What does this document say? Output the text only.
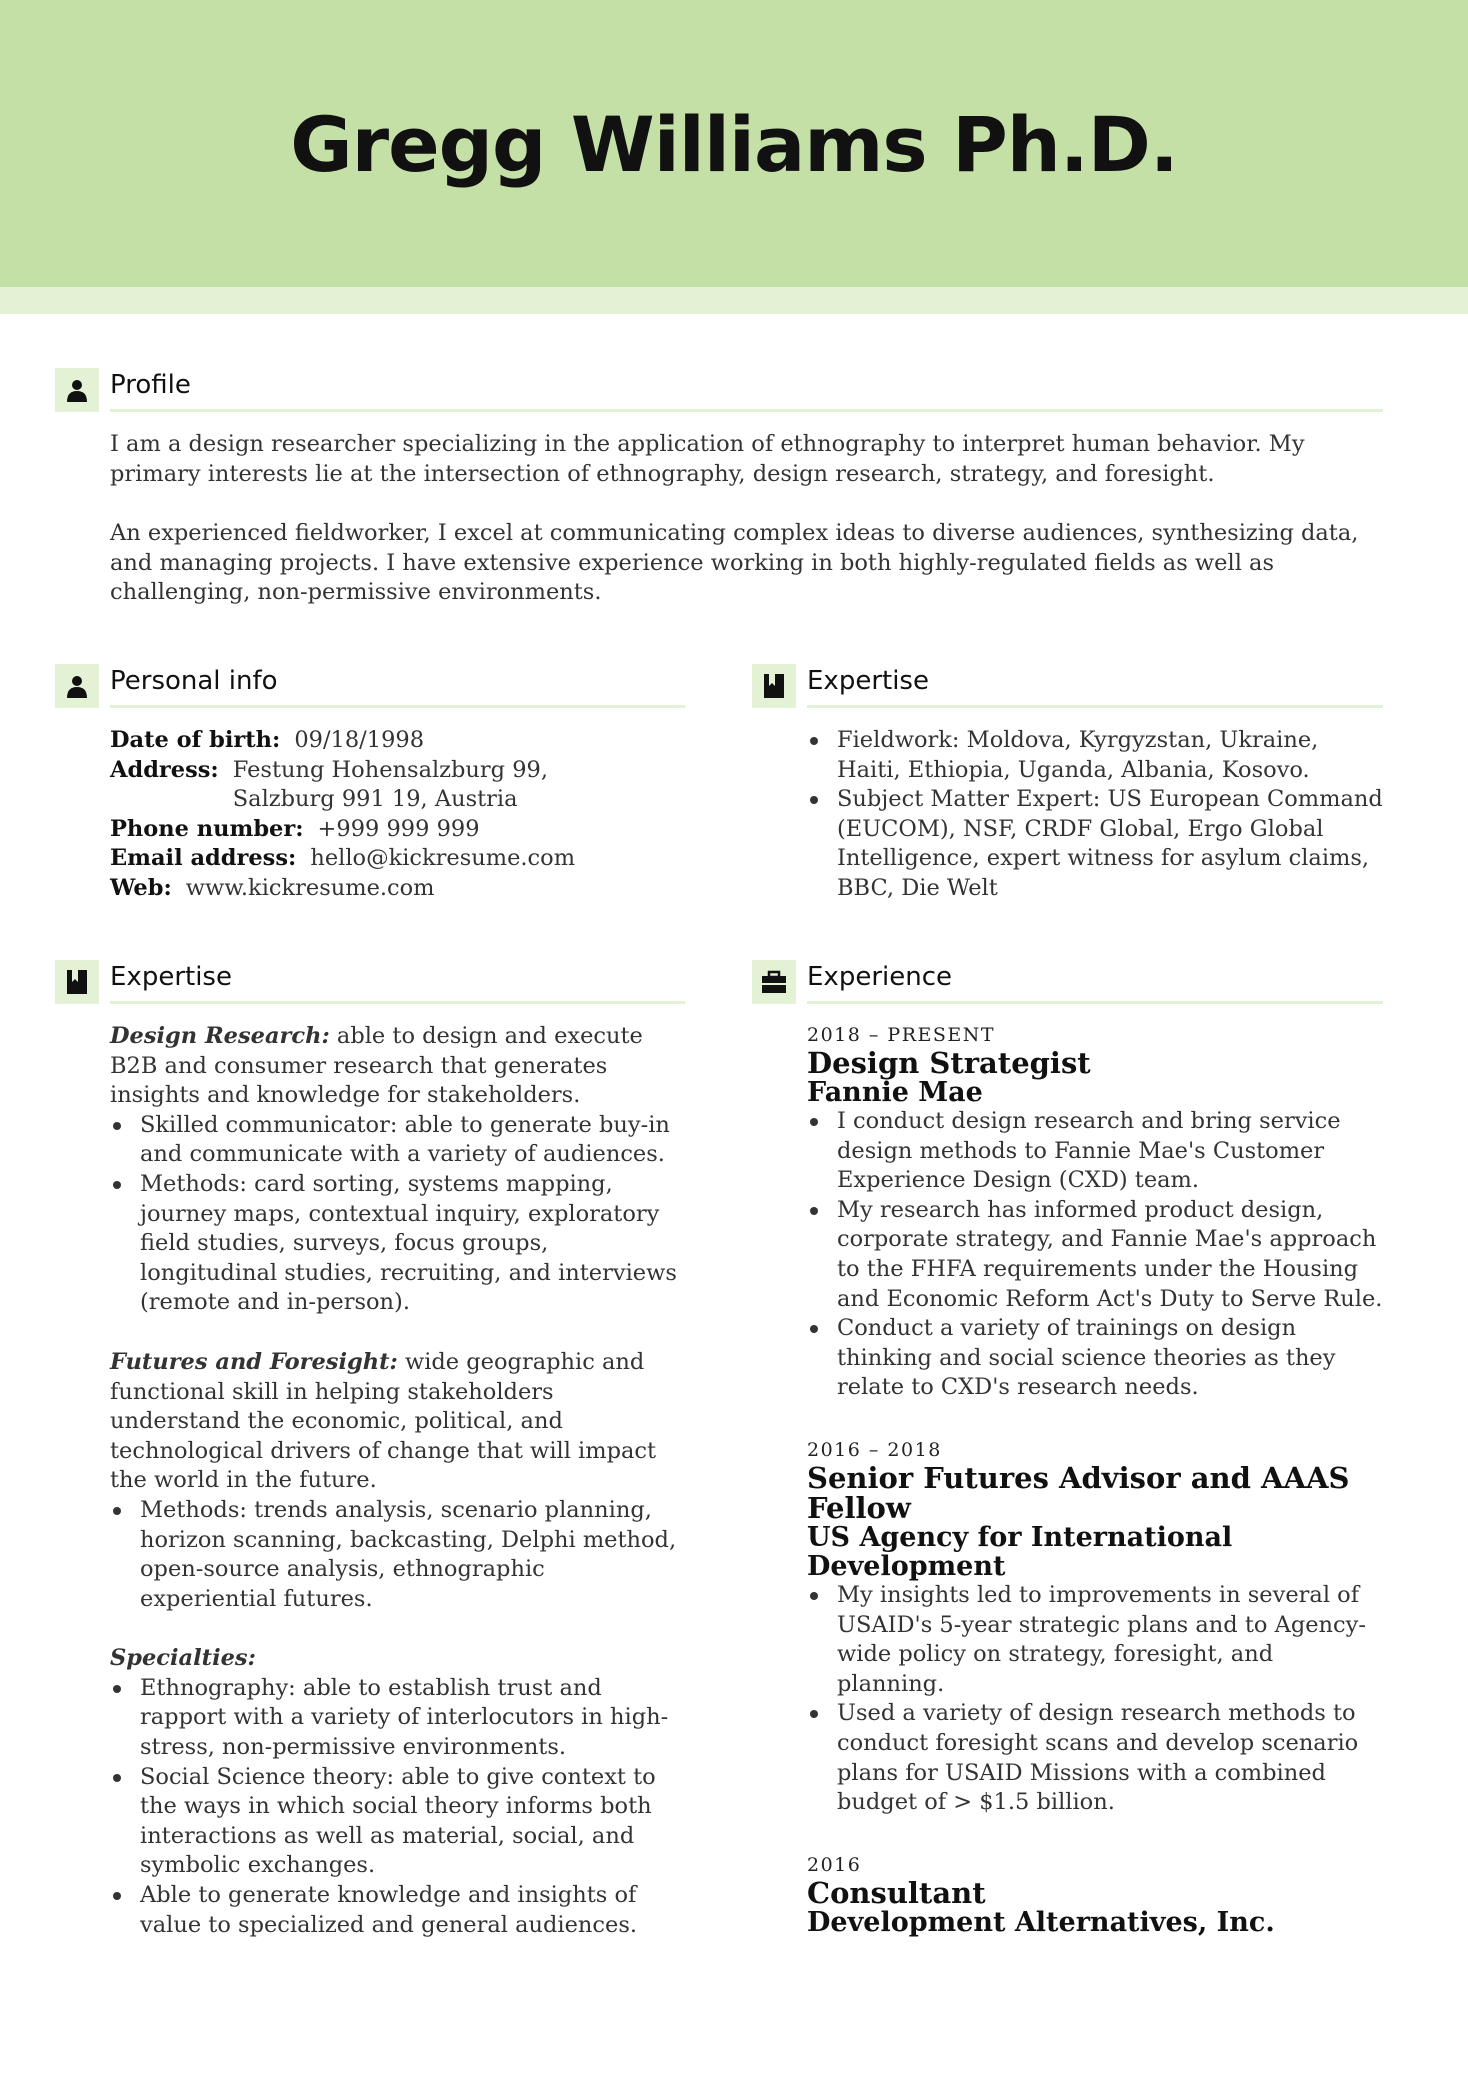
Gregg Williams Ph.D.
Profile

I am a design researcher specializing in the application of ethnography to interpret human behavior. My primary interests lie at the intersection of ethnography, design research, strategy, and foresight.

An experienced fieldworker, I excel at communicating complex ideas to diverse audiences, synthesizing data, and managing projects. I have extensive experience working in both highly-regulated fields as well as challenging, non-permissive environments.

Personal info
Date of birth: 09/18/1998
Address: Festung Hohensalzburg 99, Salzburg 991 19, Austria
Phone number: +999 999 999
Email address: hello@kickresume.com
Web: www.kickresume.com
Expertise
Fieldwork: Moldova, Kyrgyzstan, Ukraine, Haiti, Ethiopia, Uganda, Albania, Kosovo.
Subject Matter Expert: US European Command (EUCOM), NSF, CRDF Global, Ergo Global Intelligence, expert witness for asylum claims, BBC, Die Welt
Expertise

Design Research: able to design and execute B2B and consumer research that generates insights and knowledge for stakeholders.

Skilled communicator: able to generate buy-in and communicate with a variety of audiences.
Methods: card sorting, systems mapping, journey maps, contextual inquiry, exploratory field studies, surveys, focus groups, longitudinal studies, recruiting, and interviews (remote and in-person).

Futures and Foresight: wide geographic and functional skill in helping stakeholders understand the economic, political, and technological drivers of change that will impact the world in the future.

Methods: trends analysis, scenario planning, horizon scanning, backcasting, Delphi method, open-source analysis, ethnographic experiential futures.

Specialties:

Ethnography: able to establish trust and rapport with a variety of interlocutors in high-stress, non-permissive environments.
Social Science theory: able to give context to the ways in which social theory informs both interactions as well as material, social, and symbolic exchanges.
Able to generate knowledge and insights of value to specialized and general audiences.
Experience
2018 – PRESENT
Design Strategist
Fannie Mae
I conduct design research and bring service design methods to Fannie Mae's Customer Experience Design (CXD) team.
My research has informed product design, corporate strategy, and Fannie Mae's approach to the FHFA requirements under the Housing and Economic Reform Act's Duty to Serve Rule.
Conduct a variety of trainings on design thinking and social science theories as they relate to CXD's research needs.
2016 – 2018
Senior Futures Advisor and AAAS Fellow
US Agency for International Development
My insights led to improvements in several of USAID's 5-year strategic plans and to Agency-wide policy on strategy, foresight, and planning.
Used a variety of design research methods to conduct foresight scans and develop scenario plans for USAID Missions with a combined budget of > $1.5 billion.
2016
Consultant
Development Alternatives, Inc.
